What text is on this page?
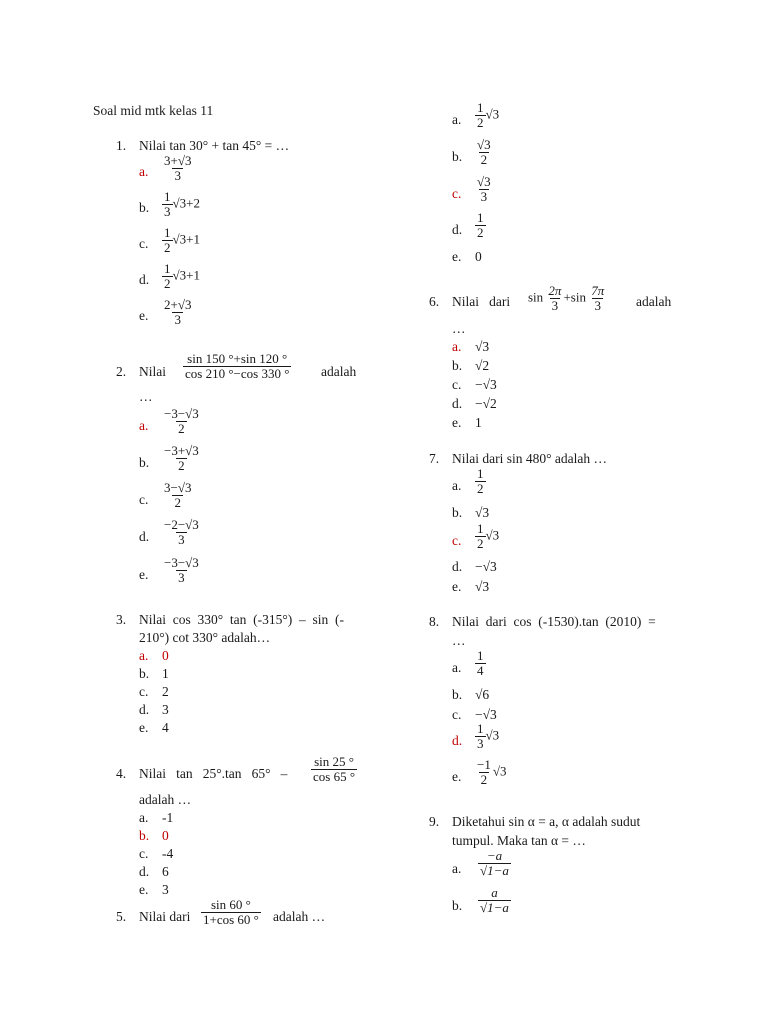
Soal mid mtk kelas 11
1. Nilai tan 30° + tan 45° = …
a. $\frac{3+√3}{3}$
b. $\frac{1}{3} √3+2$
c. $\frac{1}{2} √3+1$
d. $\frac{1}{2} √3+1$
e. $\frac{2+√3}{3}$
2. Nilai $\frac{\sin 150 ^\circ+\sin 120 ^\circ}{\cos 210 ^\circ-\cos 330 ^\circ}$ adalah
…
a. $\frac{-3-√3}{2}$
b. $\frac{-3+√3}{2}$
c. $\frac{3-√3}{2}$
d. $\frac{-2-√3}{3}$
e. $\frac{-3-√3}{3}$
3. Nilai  cos  330°  tan  (-315°)  –  sin  (-
210°) cot 330° adalah…
a. 0
b. 1
c. 2
d. 3
e. 4
4. Nilai   tan   25°.tan   $65^\circ - \frac{\sin 25 ^\circ}{\cos 65 ^\circ}$
adalah …
a. -1
b. 0
c. -4
d. 6
e. 3
5. Nilai dari $\frac{\sin 60 ^\circ}{1+\cos 60 ^\circ}$ adalah …
a. $\frac{1}{2} √3$
b. $\frac{√3}{2}$
c. $\frac{√3}{3}$
d. $\frac{1}{2}$
e. 0
6. Nilai   dari $\sin \frac{2\pi}{3} +\sin \frac{7\pi}{3}$ adalah
…
a. √3
b. √2
c. −√3
d. −√2
e. 1
7. Nilai dari sin 480° adalah …
a. $\frac{1}{2}$
b. √3
c. $\frac{1}{2} √3$
d. −√3
e. √3
8. Nilai  dari  cos  (-1530).tan  (2010)  =
…
a. $\frac{1}{4}$
b. √6
c. −√3
d. $\frac{1}{3} √3$
e. $\frac{-1}{2} √3$
9. Diketahui sin α = a, α adalah sudut
tumpul. Maka tan α = …
a. $\frac{-a}{√1-a}$
b. $\frac{a}{√1-a}$
